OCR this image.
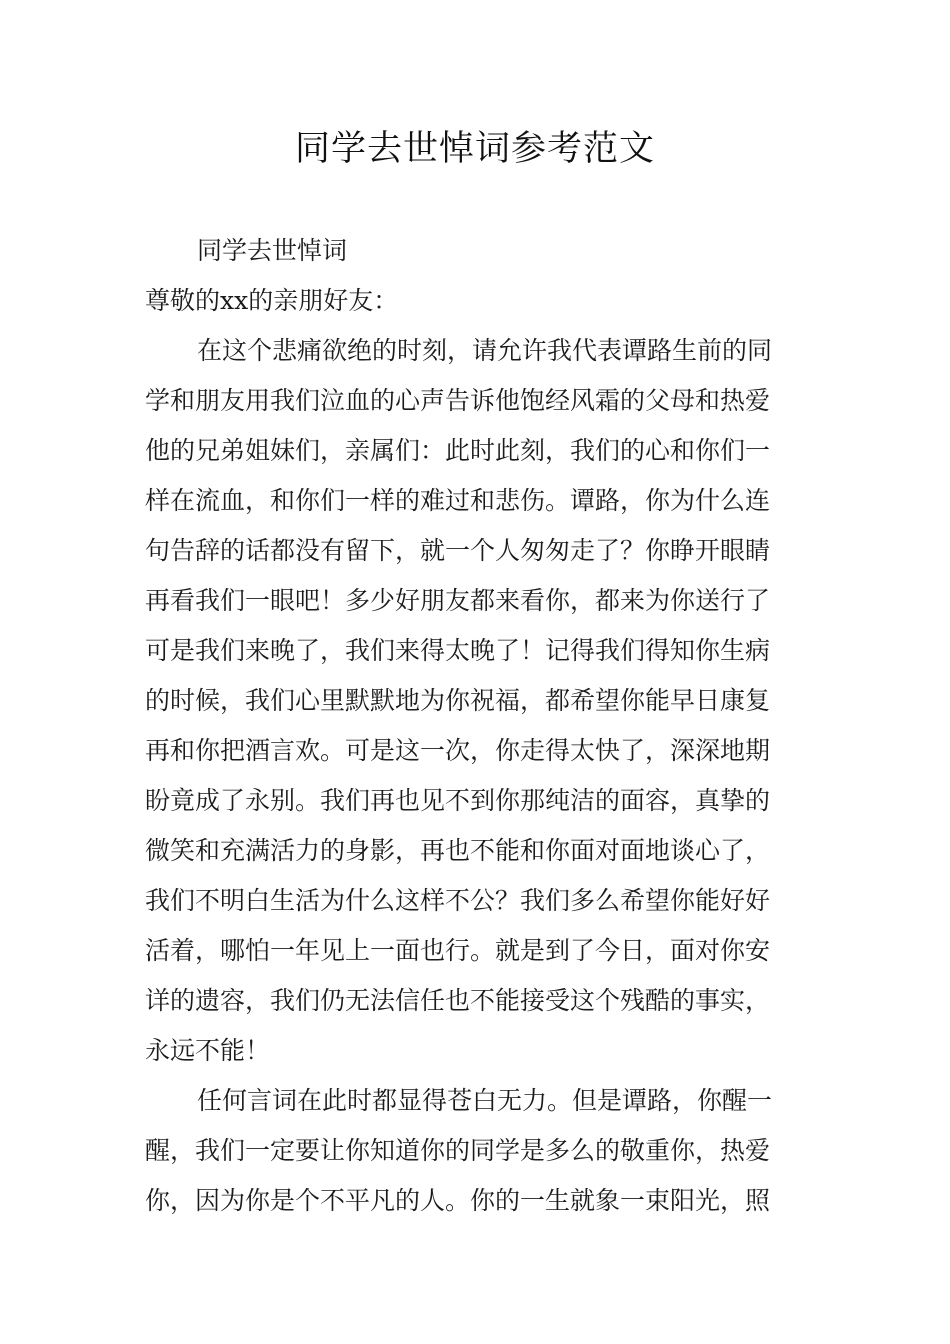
同学去世悼词参考范文
同学去世悼词
尊敬的xx的亲朋好友：
在这个悲痛欲绝的时刻，请允许我代表谭路生前的同
学和朋友用我们泣血的心声告诉他饱经风霜的父母和热爱
他的兄弟姐妹们，亲属们：此时此刻，我们的心和你们一
样在流血，和你们一样的难过和悲伤。谭路，你为什么连
句告辞的话都没有留下，就一个人匆匆走了？你睁开眼睛
再看我们一眼吧！多少好朋友都来看你，都来为你送行了
可是我们来晚了，我们来得太晚了！记得我们得知你生病
的时候，我们心里默默地为你祝福，都希望你能早日康复
再和你把酒言欢。可是这一次，你走得太快了，深深地期
盼竟成了永别。我们再也见不到你那纯洁的面容，真挚的
微笑和充满活力的身影，再也不能和你面对面地谈心了，
我们不明白生活为什么这样不公？我们多么希望你能好好
活着，哪怕一年见上一面也行。就是到了今日，面对你安
详的遗容，我们仍无法信任也不能接受这个残酷的事实，
永远不能！
任何言词在此时都显得苍白无力。但是谭路，你醒一
醒，我们一定要让你知道你的同学是多么的敬重你，热爱
你，因为你是个不平凡的人。你的一生就象一束阳光，照
